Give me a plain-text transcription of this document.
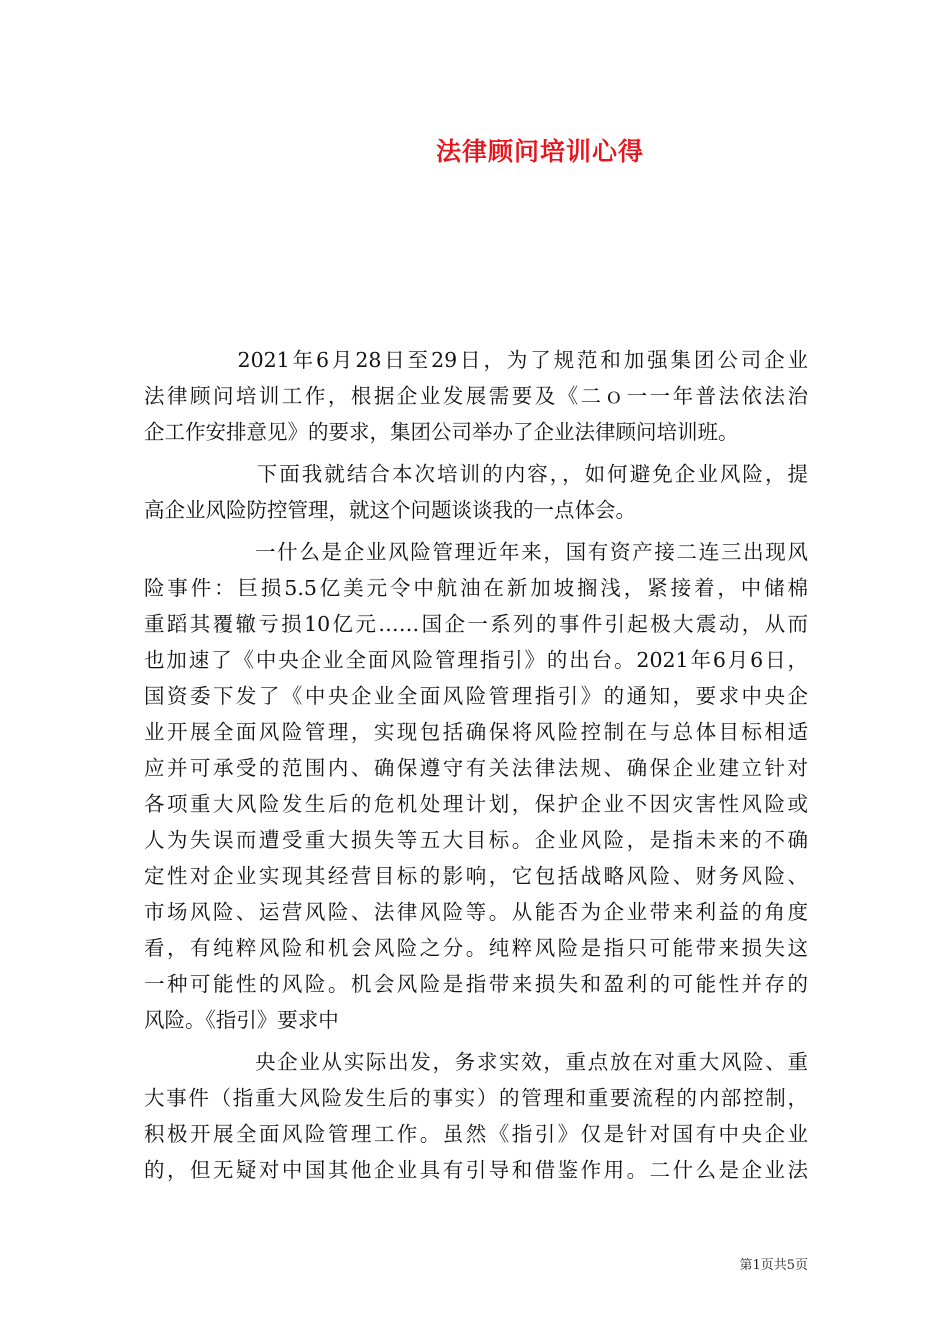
法律顾问培训心得
　　　　2021年6月28日至29日，为了规范和加强集团公司企业
法律顾问培训工作，根据企业发展需要及《二ｏ一一年普法依法治
企工作安排意见》的要求，集团公司举办了企业法律顾问培训班。
　　　　　下面我就结合本次培训的内容，，如何避免企业风险，提
高企业风险防控管理，就这个问题谈谈我的一点体会。
　　　　　一什么是企业风险管理近年来，国有资产接二连三出现风
险事件：巨损5.5亿美元令中航油在新加坡搁浅，紧接着，中储棉
重蹈其覆辙亏损10亿元……国企一系列的事件引起极大震动，从而
也加速了《中央企业全面风险管理指引》的出台。2021年6月6日，
国资委下发了《中央企业全面风险管理指引》的通知，要求中央企
业开展全面风险管理，实现包括确保将风险控制在与总体目标相适
应并可承受的范围内、确保遵守有关法律法规、确保企业建立针对
各项重大风险发生后的危机处理计划，保护企业不因灾害性风险或
人为失误而遭受重大损失等五大目标。企业风险，是指未来的不确
定性对企业实现其经营目标的影响，它包括战略风险、财务风险、
市场风险、运营风险、法律风险等。从能否为企业带来利益的角度
看，有纯粹风险和机会风险之分。纯粹风险是指只可能带来损失这
一种可能性的风险。机会风险是指带来损失和盈利的可能性并存的
风险。《指引》要求中
　　　　　央企业从实际出发，务求实效，重点放在对重大风险、重
大事件（指重大风险发生后的事实）的管理和重要流程的内部控制，
积极开展全面风险管理工作。虽然《指引》仅是针对国有中央企业
的，但无疑对中国其他企业具有引导和借鉴作用。二什么是企业法
第1页共5页
